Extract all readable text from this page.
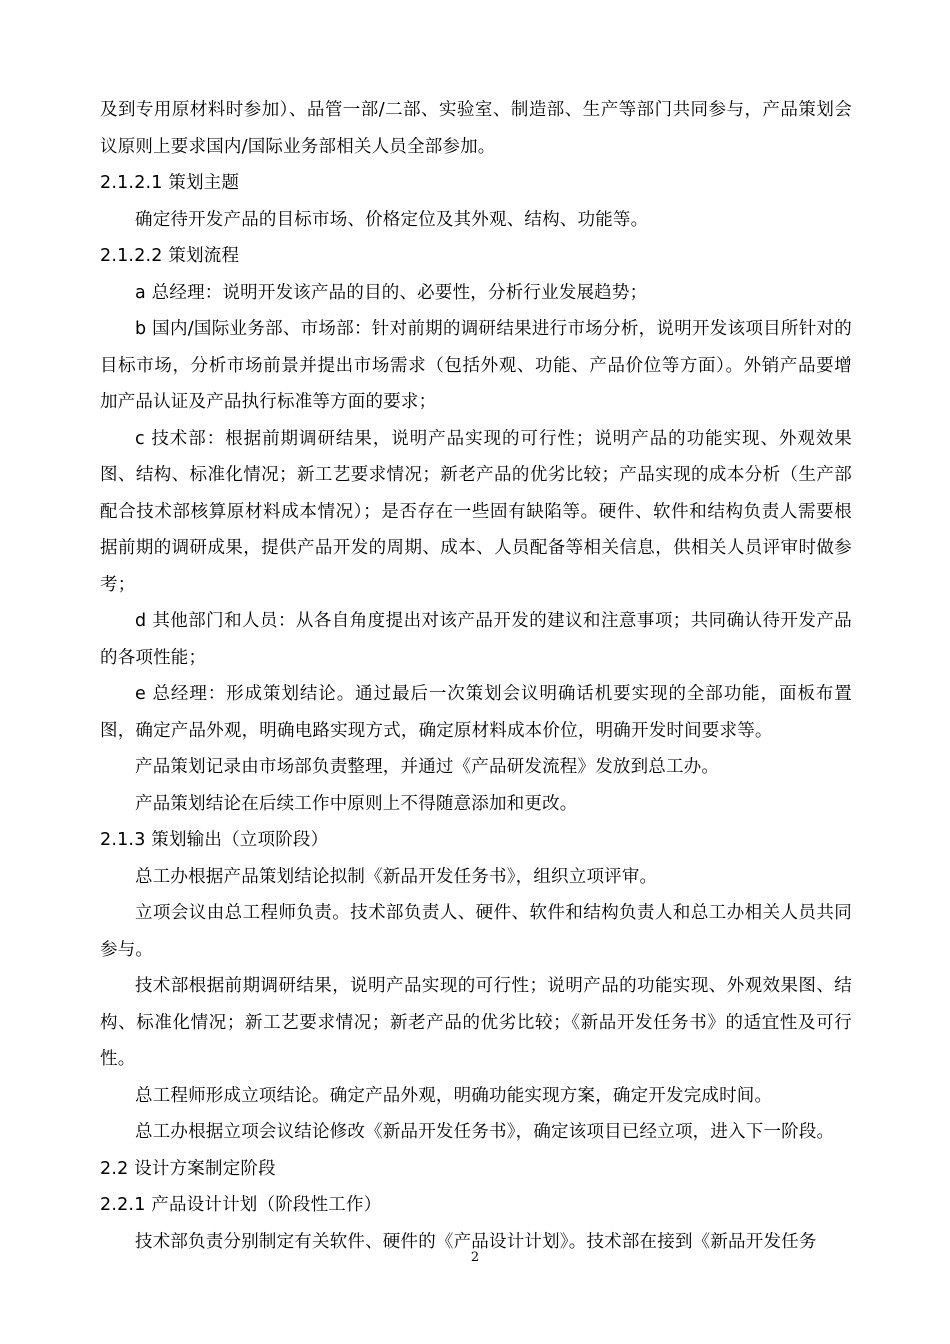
及到专用原材料时参加）、品管一部/二部、实验室、制造部、生产等部门共同参与，产品策划会议原则上要求国内/国际业务部相关人员全部参加。

2.1.2.1 策划主题

确定待开发产品的目标市场、价格定位及其外观、结构、功能等。

2.1.2.2 策划流程

a 总经理：说明开发该产品的目的、必要性，分析行业发展趋势；

b 国内/国际业务部、市场部：针对前期的调研结果进行市场分析，说明开发该项目所针对的目标市场，分析市场前景并提出市场需求（包括外观、功能、产品价位等方面）。外销产品要增加产品认证及产品执行标准等方面的要求；

c 技术部：根据前期调研结果，说明产品实现的可行性；说明产品的功能实现、外观效果图、结构、标准化情况；新工艺要求情况；新老产品的优劣比较；产品实现的成本分析（生产部配合技术部核算原材料成本情况）；是否存在一些固有缺陷等。硬件、软件和结构负责人需要根据前期的调研成果，提供产品开发的周期、成本、人员配备等相关信息，供相关人员评审时做参考；

d 其他部门和人员：从各自角度提出对该产品开发的建议和注意事项；共同确认待开发产品的各项性能；

e 总经理：形成策划结论。通过最后一次策划会议明确话机要实现的全部功能，面板布置图，确定产品外观，明确电路实现方式，确定原材料成本价位，明确开发时间要求等。

产品策划记录由市场部负责整理，并通过《产品研发流程》发放到总工办。

产品策划结论在后续工作中原则上不得随意添加和更改。

2.1.3 策划输出（立项阶段）

总工办根据产品策划结论拟制《新品开发任务书》，组织立项评审。

立项会议由总工程师负责。技术部负责人、硬件、软件和结构负责人和总工办相关人员共同参与。

技术部根据前期调研结果，说明产品实现的可行性；说明产品的功能实现、外观效果图、结构、标准化情况；新工艺要求情况；新老产品的优劣比较；《新品开发任务书》的适宜性及可行性。

总工程师形成立项结论。确定产品外观，明确功能实现方案，确定开发完成时间。

总工办根据立项会议结论修改《新品开发任务书》，确定该项目已经立项，进入下一阶段。

2.2 设计方案制定阶段

2.2.1 产品设计计划（阶段性工作）

技术部负责分别制定有关软件、硬件的《产品设计计划》。技术部在接到《新品开发任务

2
